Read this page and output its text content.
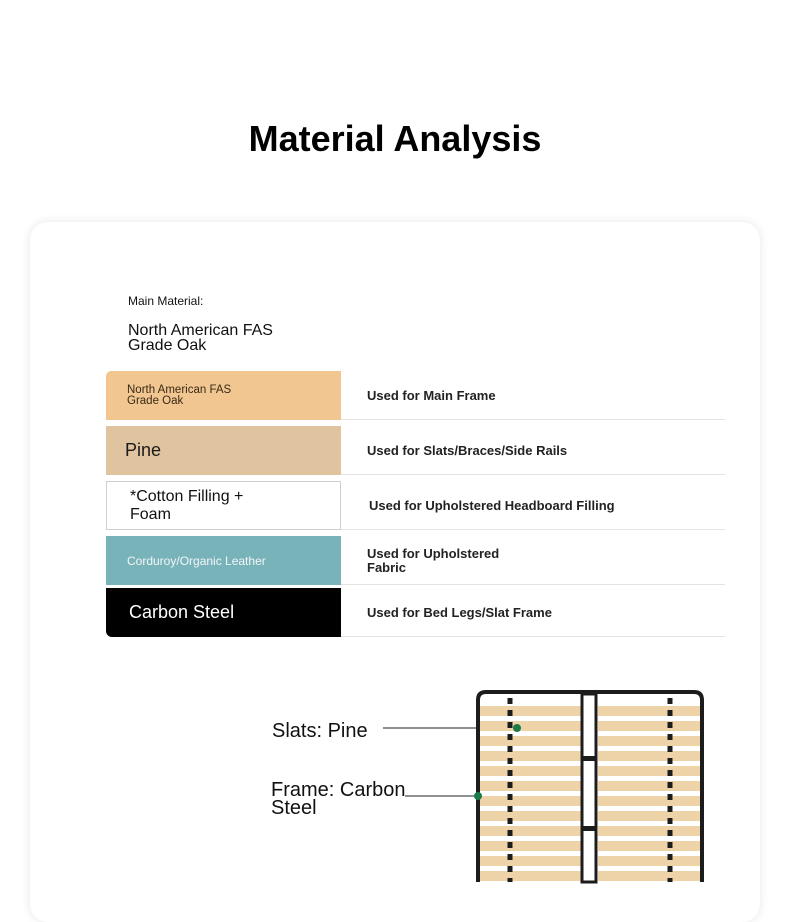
Material Analysis
Main Material:
North American FAS Grade Oak
North American FAS Grade Oak	Used for Main Frame
Pine	Used for Slats/Braces/Side Rails
*Cotton Filling + Foam	Used for Upholstered Headboard Filling
Corduroy/Organic Leather	Used for Upholstered Fabric
Carbon Steel	Used for Bed Legs/Slat Frame
Slats: Pine
Frame: Carbon Steel
